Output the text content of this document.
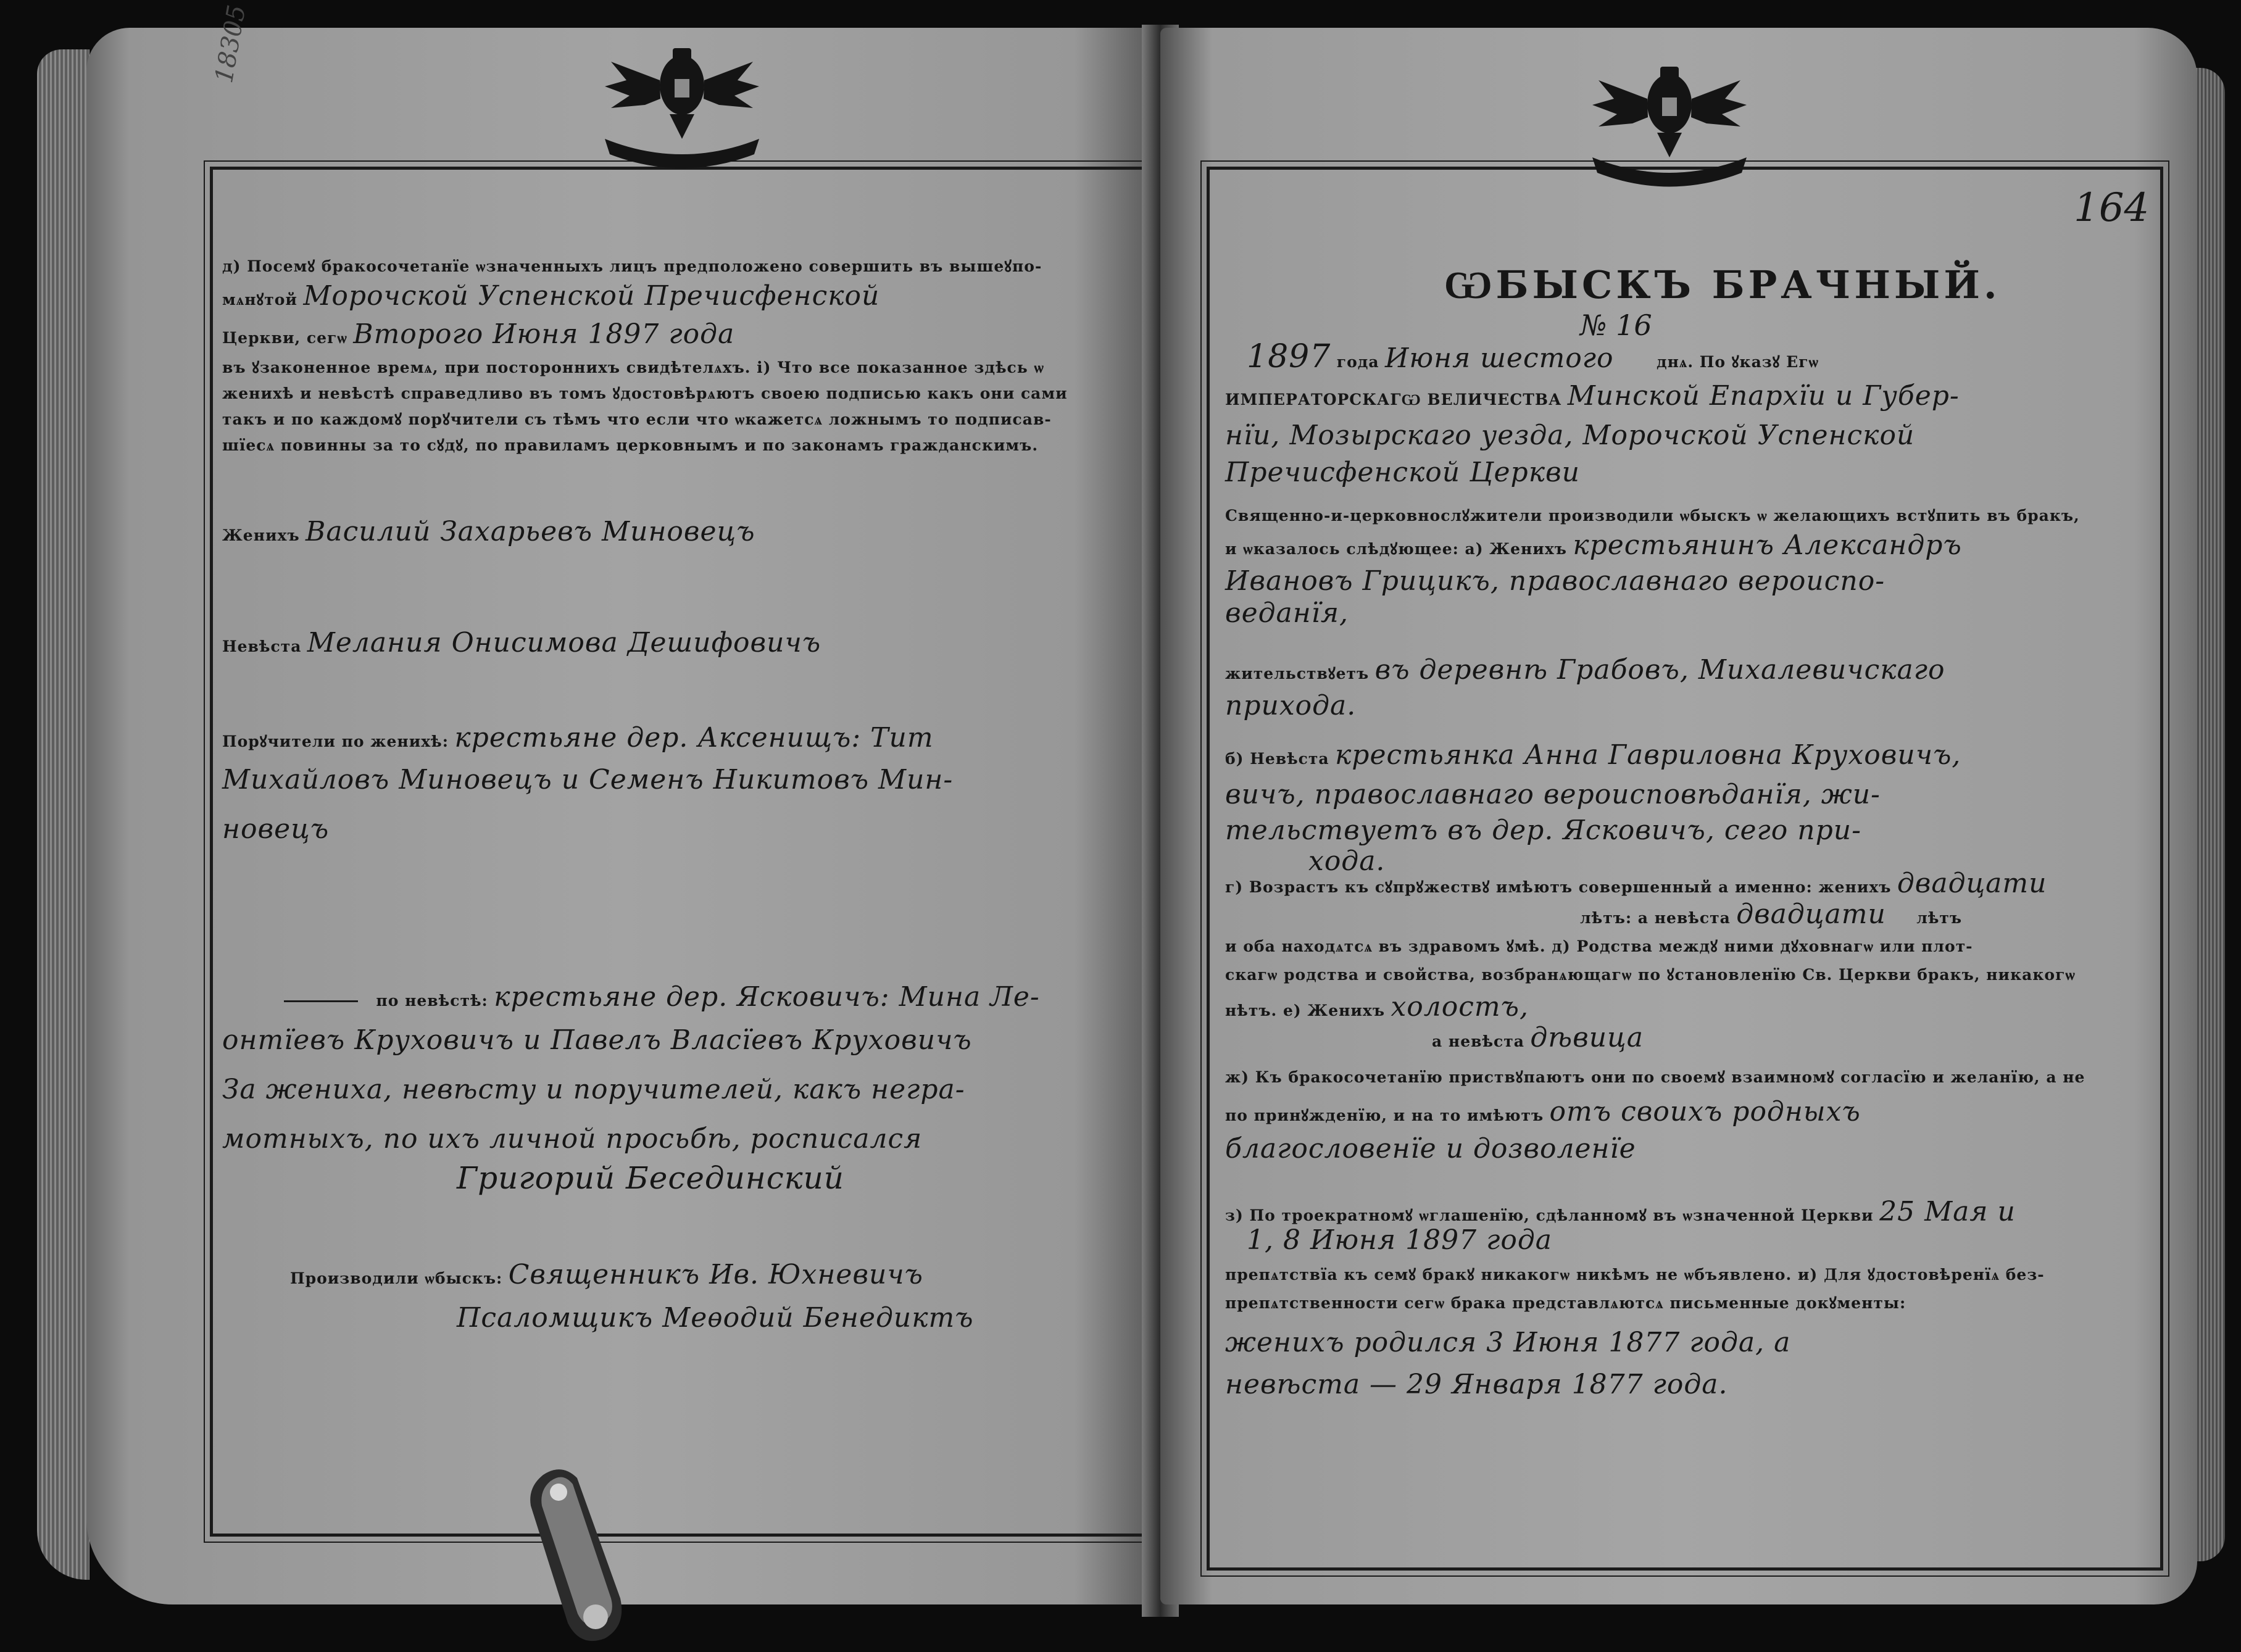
18305
д) Посемꙋ бракосочетанїе ѡзначенныхъ лицъ предположено совершить въ вышеꙋпо-
мѧнꙋтой Морочской Успенской Пречисфенской
Церкви, сегѡ Второго Июня 1897 года
въ ꙋзаконенное времѧ, при постороннихъ свидѣтелѧхъ. і) Что все показанное здѣсь ѡ
женихѣ и невѣстѣ справедливо въ томъ ꙋдостовѣрѧютъ своею подписью какъ они сами
такъ и по каждомꙋ порꙋчители съ тѣмъ что если что ѡкажетсѧ ложнымъ то подписав-
шїесѧ повинны за то сꙋдꙋ, по правиламъ церковнымъ и по законамъ гражданскимъ.
Женихъ Василий Захарьевъ Миновецъ
Невѣста Мелания Онисимова Дешифовичъ
Порꙋчители по женихѣ: крестьяне дер. Аксенищъ: Тит
Михайловъ Миновецъ и Семенъ Никитовъ Мин-
новецъ
по невѣстѣ: крестьяне дер. Ясковичъ: Мина Ле-
онтїевъ Круховичъ и Павелъ Власїевъ Круховичъ
За жениха, невѣсту и поручителей, какъ негра-
мотныхъ, по ихъ личной просьбѣ, росписался
Григорий Бесединский
Производили ѡбыскъ: Священникъ Ив. Юхневичъ
Псаломщикъ Меѳодий Бенедиктъ
164
ѠБЫСКЪ БРАЧНЫЙ.
№ 16
1897 года Июня шестого	днѧ. По ꙋказꙋ Егѡ
ИМПЕРАТОРСКАГѠ ВЕЛИЧЕСТВА Минской Епархїи и Губер-
нїи, Мозырскаго уезда, Морочской Успенской
Пречисфенской Церкви
Священно-и-церковнослꙋжители производили ѡбыскъ ѡ желающихъ встꙋпить въ бракъ,
и ѡказалось слѣдꙋющее: а) Женихъ крестьянинъ Александръ
Ивановъ Грицикъ, православнаго вероиспо-
веданїя,
жительствꙋетъ въ деревнѣ Грабовъ, Михалевичскаго
прихода.
б) Невѣста крестьянка Анна Гавриловна Круховичъ,
вичъ, православнаго вероисповѣданїя, жи-
тельствуетъ въ дер. Ясковичъ, сего при-
хода.
г) Возрастъ къ сꙋпрꙋжествꙋ имѣютъ совершенный а именно: женихъ двадцати
лѣтъ: а невѣста двадцати лѣтъ
и оба находѧтсѧ въ здравомъ ꙋмѣ. д) Родства междꙋ ними дꙋховнагѡ или плот-
скагѡ родства и свойства, возбранѧющагѡ по ꙋстановленїю Св. Церкви бракъ, никакогѡ
нѣтъ. е) Женихъ холостъ,
а невѣста дѣвица
ж) Къ бракосочетанїю приствꙋпаютъ они по своемꙋ взаимномꙋ согласїю и желанїю, а не
по принꙋжденїю, и на то имѣютъ отъ своихъ родныхъ
благословенїе и дозволенїе
з) По троекратномꙋ ѡглашенїю, сдѣланномꙋ въ ѡзначенной Церкви 25 Мая и
1, 8 Июня 1897 года
препѧтствїа къ семꙋ бракꙋ никакогѡ никѣмъ не ѡбъявлено. и) Для ꙋдостовѣренїѧ без-
препѧтственности сегѡ брака представлѧютсѧ письменные докꙋменты:
женихъ родился 3 Июня 1877 года, а
невѣста — 29 Января 1877 года.
